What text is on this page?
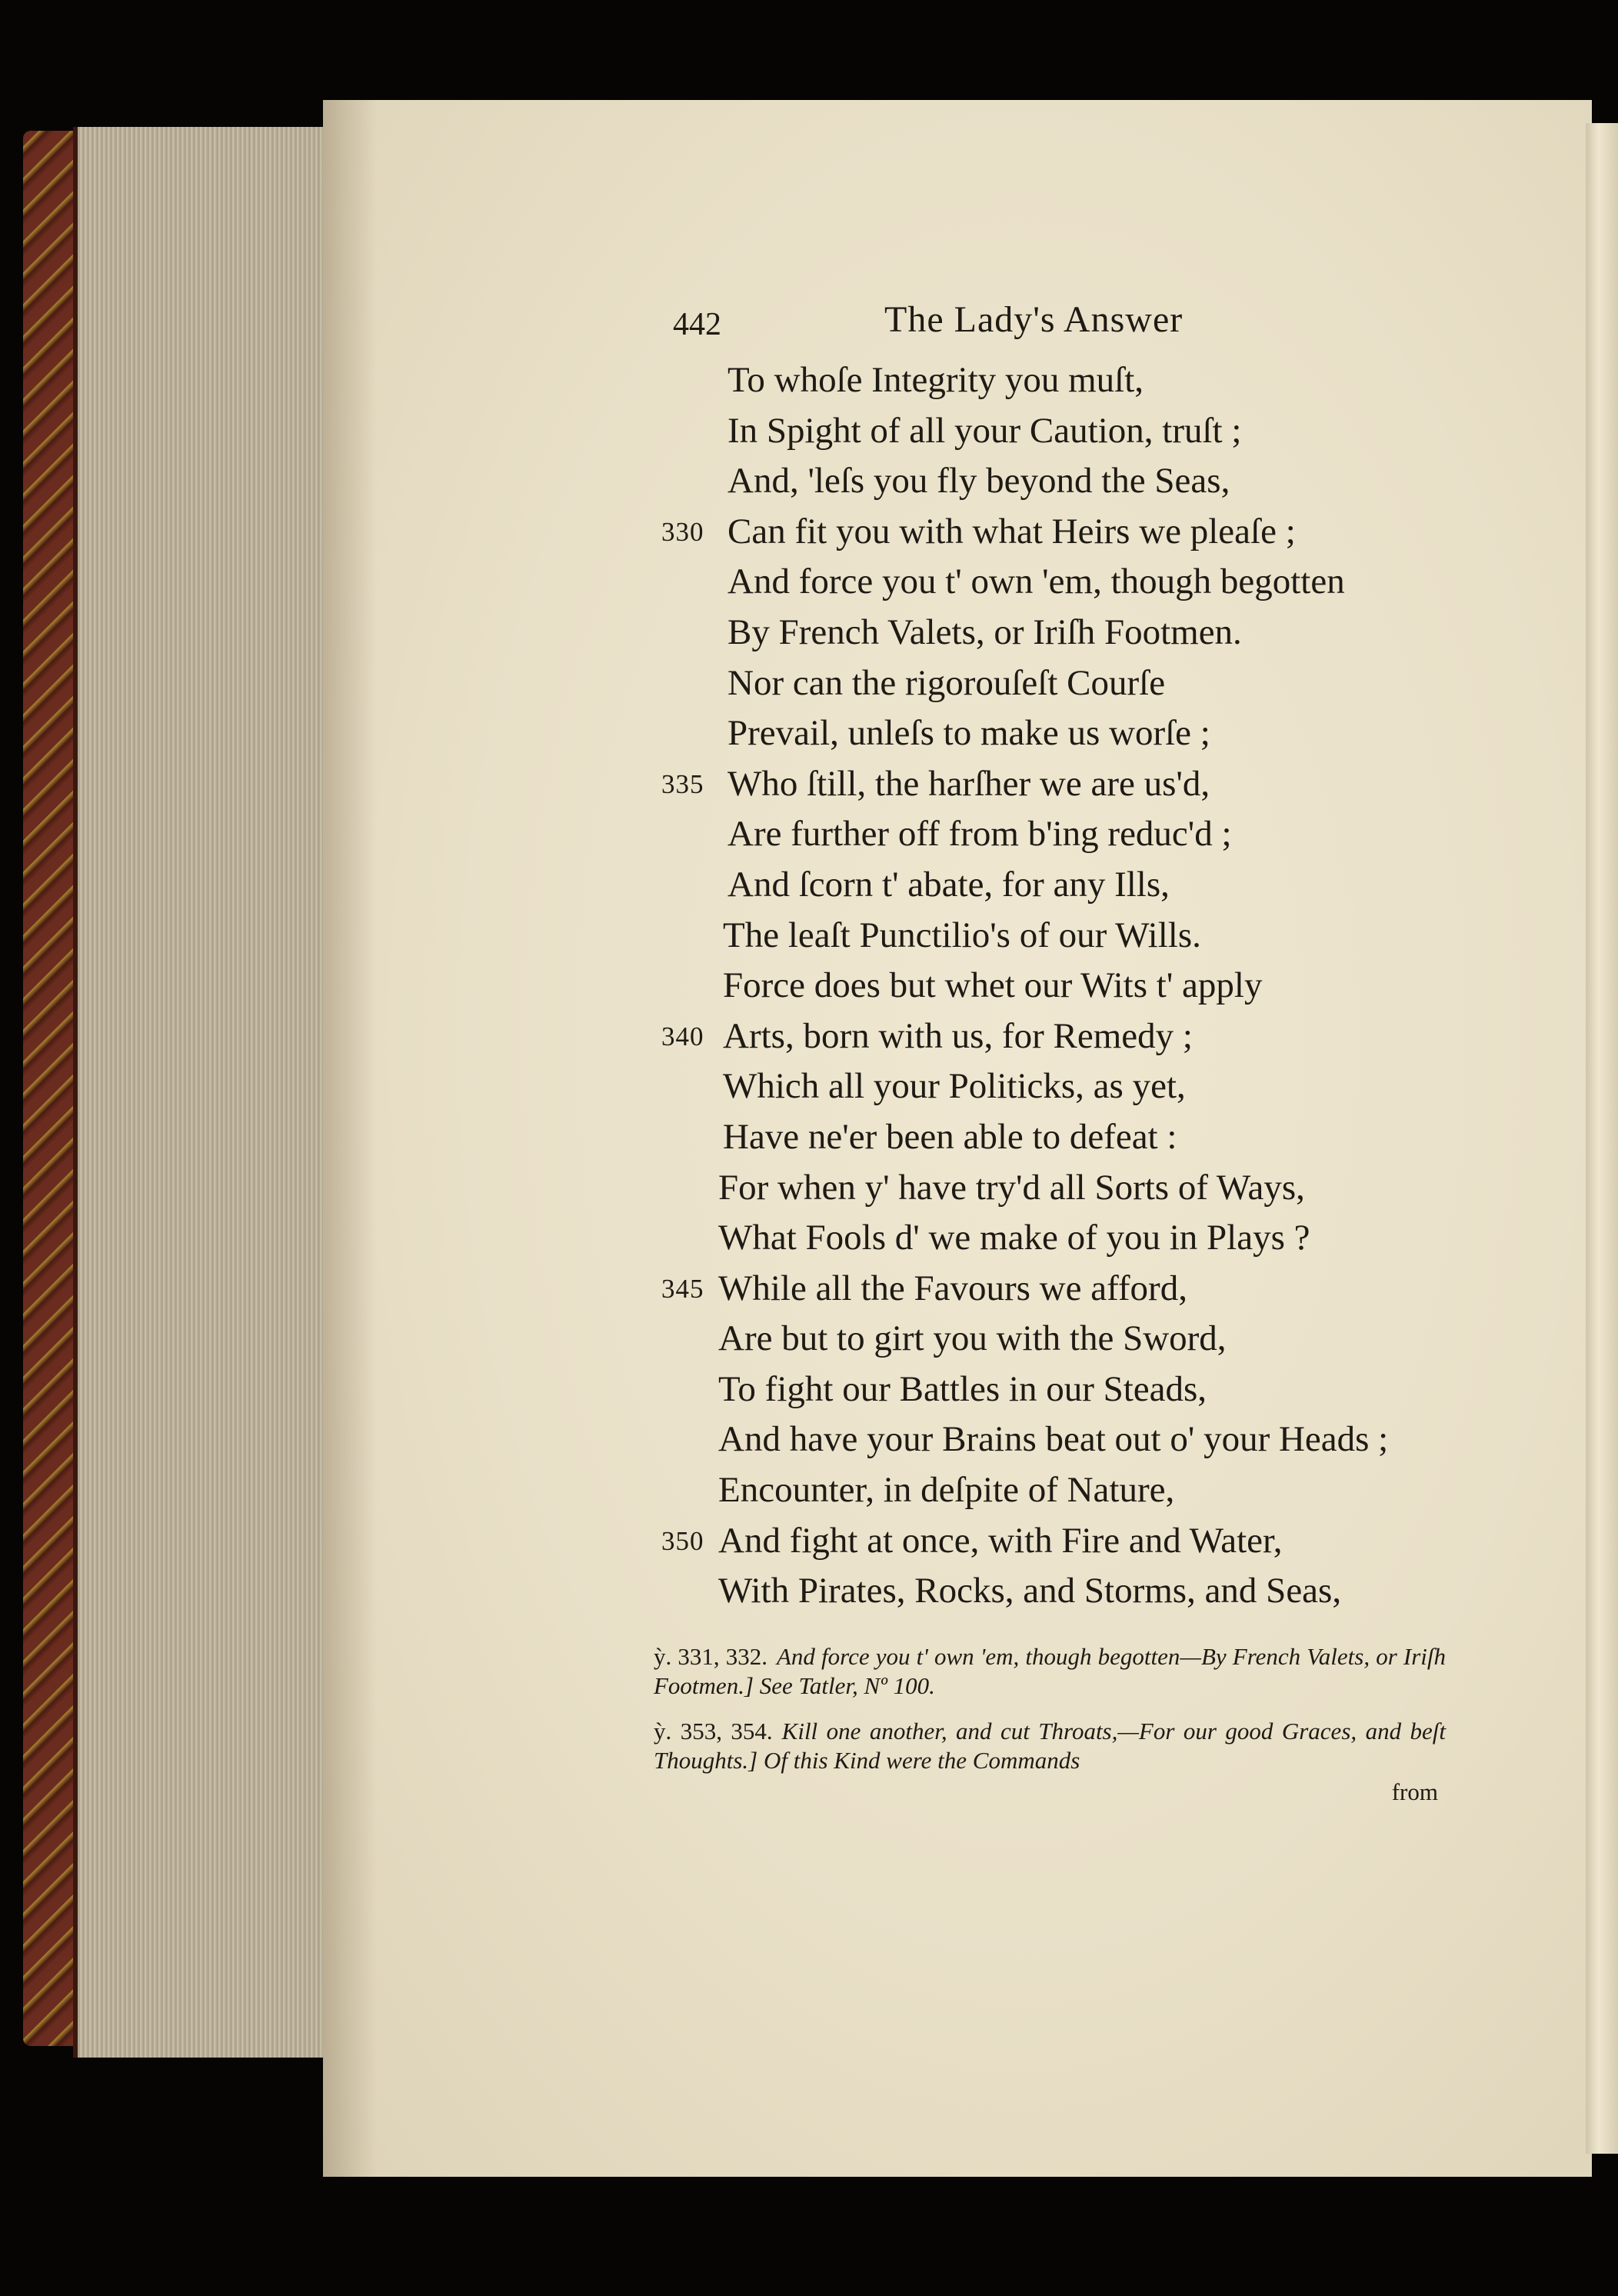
442	The Lady's Answer
To whoſe Integrity you muſt,
In Spight of all your Caution, truſt ;
And, 'leſs you fly beyond the Seas,
330 Can fit you with what Heirs we pleaſe ;
And force you t' own 'em, though begotten
By French Valets, or Iriſh Footmen.
Nor can the rigorouſeſt Courſe
Prevail, unleſs to make us worſe ;
335 Who ſtill, the harſher we are us'd,
Are further off from b'ing reduc'd ;
And ſcorn t' abate, for any Ills,
The leaſt Punctilio's of our Wills.
Force does but whet our Wits t' apply
340 Arts, born with us, for Remedy ;
Which all your Politicks, as yet,
Have ne'er been able to defeat :
For when y' have try'd all Sorts of Ways,
What Fools d' we make of you in Plays ?
345 While all the Favours we afford,
Are but to girt you with the Sword,
To fight our Battles in our Steads,
And have your Brains beat out o' your Heads ;
Encounter, in deſpite of Nature,
350 And fight at once, with Fire and Water,
With Pirates, Rocks, and Storms, and Seas,
ỳ. 331, 332. And force you t' own 'em, though begotten—By French Valets, or Iriſh Footmen.] See Tatler, Nº 100.
ỳ. 353, 354. Kill one another, and cut Throats,—For our good Graces, and beſt Thoughts.] Of this Kind were the Commands
from
